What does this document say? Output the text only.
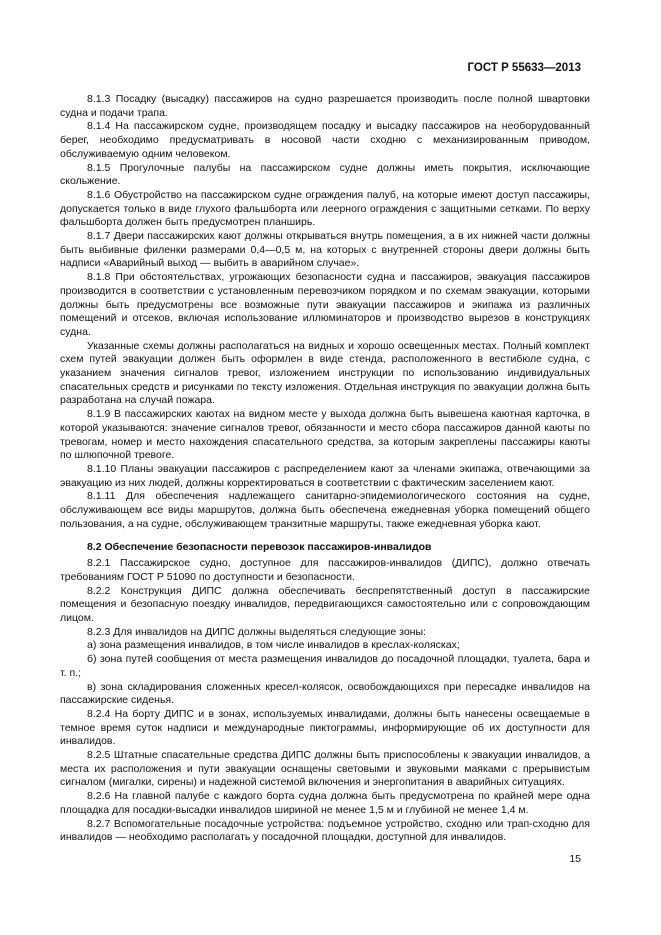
ГОСТ Р 55633—2013

8.1.3 Посадку (высадку) пассажиров на судно разрешается производить после полной швартовки судна и подачи трапа.

8.1.4 На пассажирском судне, производящем посадку и высадку пассажиров на необорудованный берег, необходимо предусматривать в носовой части сходню с механизированным приводом, обслуживаемую одним человеком.

8.1.5 Прогулочные палубы на пассажирском судне должны иметь покрытия, исключающие скольжение.

8.1.6 Обустройство на пассажирском судне ограждения палуб, на которые имеют доступ пассажиры, допускается только в виде глухого фальшборта или леерного ограждения с защитными сетками. По верху фальшборта должен быть предусмотрен планширь.

8.1.7 Двери пассажирских кают должны открываться внутрь помещения, а в их нижней части должны быть выбивные филенки размерами 0,4—0,5 м, на которых с внутренней стороны двери должны быть надписи «Аварийный выход — выбить в аварийном случае».

8.1.8 При обстоятельствах, угрожающих безопасности судна и пассажиров, эвакуация пассажиров производится в соответствии с установленным перевозчиком порядком и по схемам эвакуации, которыми должны быть предусмотрены все возможные пути эвакуации пассажиров и экипажа из различных помещений и отсеков, включая использование иллюминаторов и производство вырезов в конструкциях судна.

Указанные схемы должны располагаться на видных и хорошо освещенных местах. Полный комплект схем путей эвакуации должен быть оформлен в виде стенда, расположенного в вестибюле судна, с указанием значения сигналов тревог, изложением инструкции по использованию индивидуальных спасательных средств и рисунками по тексту изложения. Отдельная инструкция по эвакуации должна быть разработана на случай пожара.

8.1.9 В пассажирских каютах на видном месте у выхода должна быть вывешена каютная карточка, в которой указываются: значение сигналов тревог, обязанности и место сбора пассажиров данной каюты по тревогам, номер и место нахождения спасательного средства, за которым закреплены пассажиры каюты по шлюпочной тревоге.

8.1.10 Планы эвакуации пассажиров с распределением кают за членами экипажа, отвечающими за эвакуацию из них людей, должны корректироваться в соответствии с фактическим заселением кают.

8.1.11 Для обеспечения надлежащего санитарно-эпидемиологического состояния на судне, обслуживающем все виды маршрутов, должна быть обеспечена ежедневная уборка помещений общего пользования, а на судне, обслуживающем транзитные маршруты, также ежедневная уборка кают.

8.2 Обеспечение безопасности перевозок пассажиров-инвалидов

8.2.1 Пассажирское судно, доступное для пассажиров-инвалидов (ДИПС), должно отвечать требованиям ГОСТ Р 51090 по доступности и безопасности.

8.2.2 Конструкция ДИПС должна обеспечивать беспрепятственный доступ в пассажирские помещения и безопасную поездку инвалидов, передвигающихся самостоятельно или с сопровождающим лицом.

8.2.3 Для инвалидов на ДИПС должны выделяться следующие зоны:

а) зона размещения инвалидов, в том числе инвалидов в креслах-колясках;

б) зона путей сообщения от места размещения инвалидов до посадочной площадки, туалета, бара и т. п.;

в) зона складирования сложенных кресел-колясок, освобождающихся при пересадке инвалидов на пассажирские сиденья.

8.2.4 На борту ДИПС и в зонах, используемых инвалидами, должны быть нанесены освещаемые в темное время суток надписи и международные пиктограммы, информирующие об их доступности для инвалидов.

8.2.5 Штатные спасательные средства ДИПС должны быть приспособлены к эвакуации инвалидов, а места их расположения и пути эвакуации оснащены световыми и звуковыми маяками с прерывистым сигналом (мигалки, сирены) и надежной системой включения и энергопитания в аварийных ситуациях.

8.2.6 На главной палубе с каждого борта судна должна быть предусмотрена по крайней мере одна площадка для посадки-высадки инвалидов шириной не менее 1,5 м и глубиной не менее 1,4 м.

8.2.7 Вспомогательные посадочные устройства: подъемное устройство, сходню или трап-сходню для инвалидов — необходимо располагать у посадочной площадки, доступной для инвалидов.

15
